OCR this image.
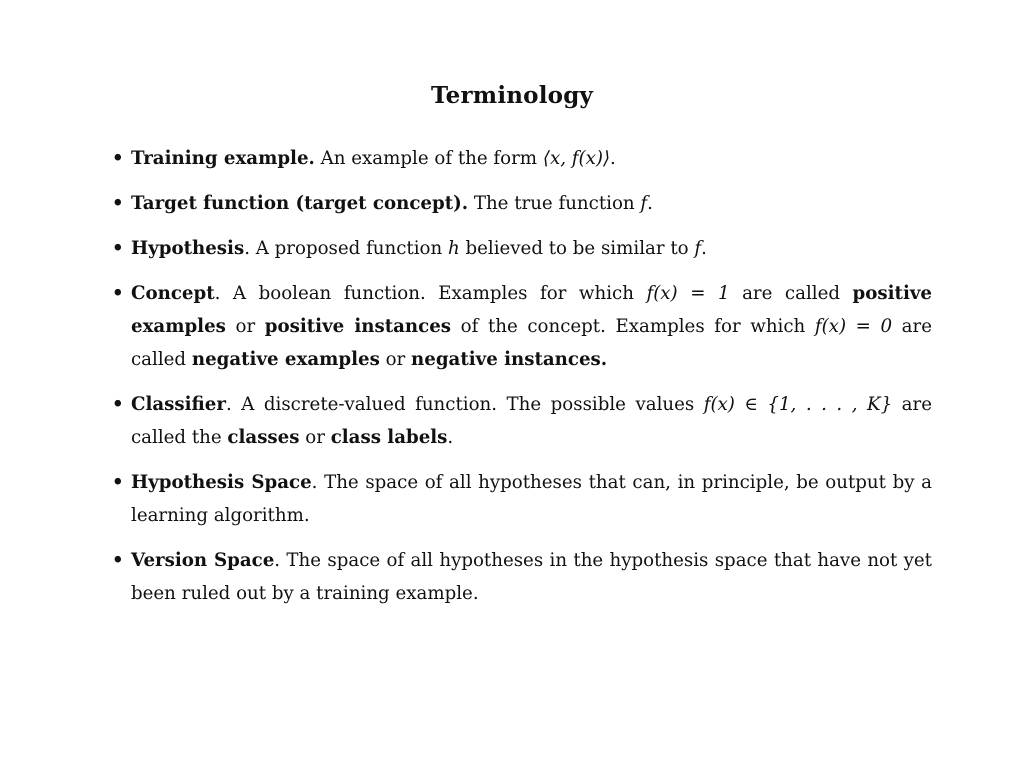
Terminology
• Training example. An example of the form ⟨x, f(x)⟩.
• Target function (target concept). The true function f.
• Hypothesis. A proposed function h believed to be similar to f.
• Concept. A boolean function. Examples for which f(x) = 1 are called positive examples or positive instances of the concept. Examples for which f(x) = 0 are called negative examples or negative instances.
• Classifier. A discrete-valued function. The possible values f(x) ∈ {1, . . . , K} are called the classes or class labels.
• Hypothesis Space. The space of all hypotheses that can, in principle, be output by a learning algorithm.
• Version Space. The space of all hypotheses in the hypothesis space that have not yet been ruled out by a training example.
